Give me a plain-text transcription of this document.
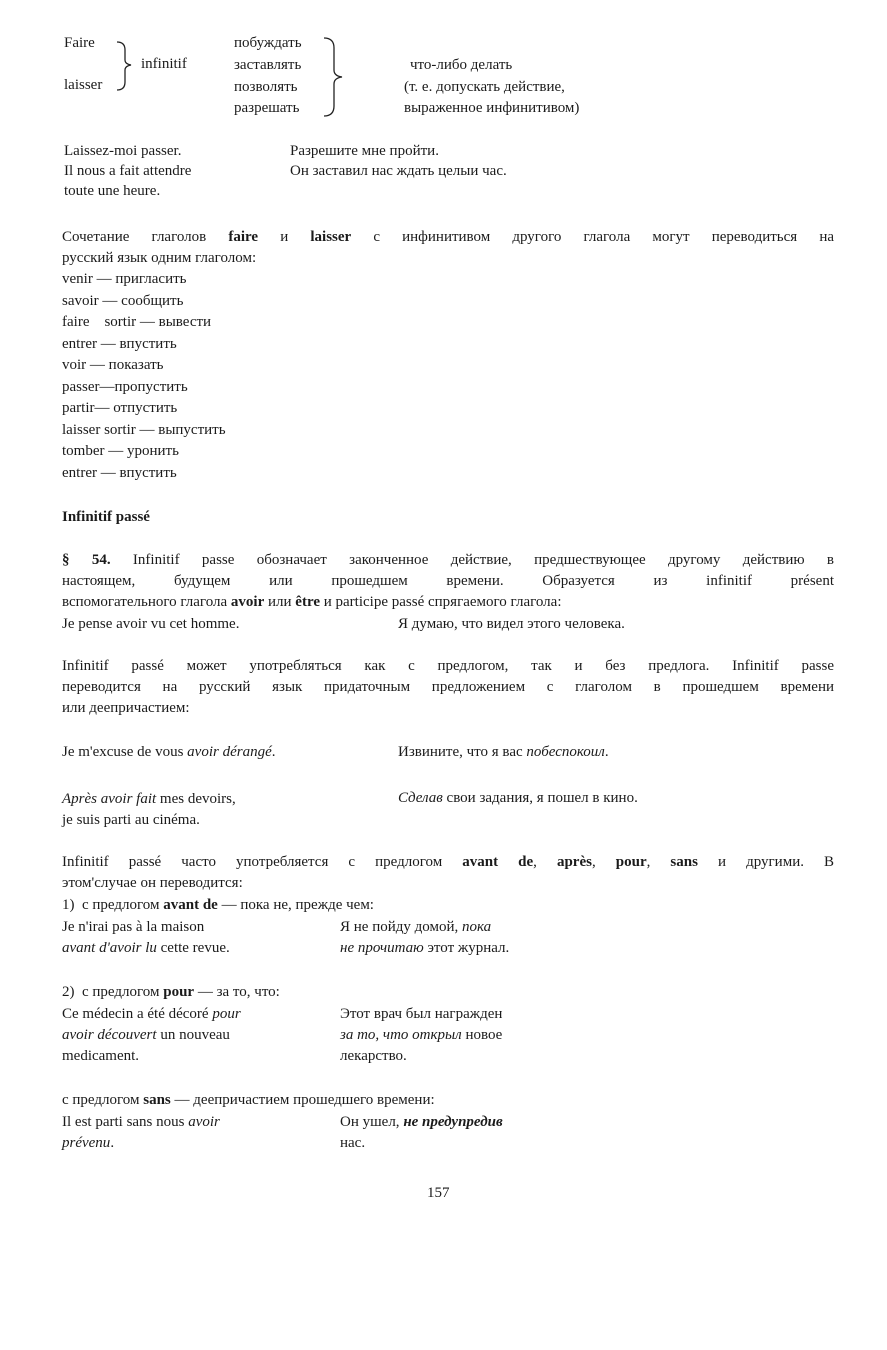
Faire
laisser
infinitif
побуждать
заставлять
позволять
разрешать
что-либо делать
(т. е. допускать действие,
выраженное инфинитивом)
Laissez-moi passer.
Il nous a fait attendre
toute une heure.
Разрешите мне пройти.
Он заставил нас ждать целыи час.
Сочетание глаголов faire и laisser с инфинитивом другого глагола могут переводиться на
русский язык одним глаголом:
venir — пригласить
savoir — сообщить
faire    sortir — вывести
entrer — впустить
voir — показать
passer—пропустить
partir— отпустить
laisser sortir — выпустить
tomber — уронить
entrer — впустить
Infinitif passé
§ 54. Infinitif passe обозначает законченное действие, предшествующее другому действию в
настоящем,   будущем   или   прошедшем   времени.   Образуется   из   infinitif   présent
вспомогательного глагола avoir или être и participe passé спрягаемого глагола:
Je pense avoir vu cet homme.	Я думаю, что видел этого человека.
Infinitif passé может употребляться как с предлогом, так и без предлога. Infinitif passe
переводится на русский язык придаточным предложением с глаголом в прошедшем времени
или деепричастием:
Je m'excuse de vous avoir dérangé.	Извините, что я вас побеспокоил.
Après avoir fait mes devoirs,
je suis parti au cinéma.
Сделав свои задания, я пошел в кино.
Infinitif passé часто употребляется с предлогом avant de, après, pour, sans и другими. В
этом'случае он переводится:
1)  с предлогом avant de — пока не, прежде чем:
Je n'irai pas à la maison
avant d'avoir lu cette revue.
Я не пойду домой, пока
не прочитаю этот журнал.
2)  с предлогом pour — за то, что:
Ce médecin a été décoré pour
avoir découvert un nouveau
medicament.
Этот врач был награжден
за то, что открыл новое
лекарство.
с предлогом sans — деепричастием прошедшего времени:
Il est parti sans nous avoir
prévenu.
Он ушел, не предупредив
нас.
157
